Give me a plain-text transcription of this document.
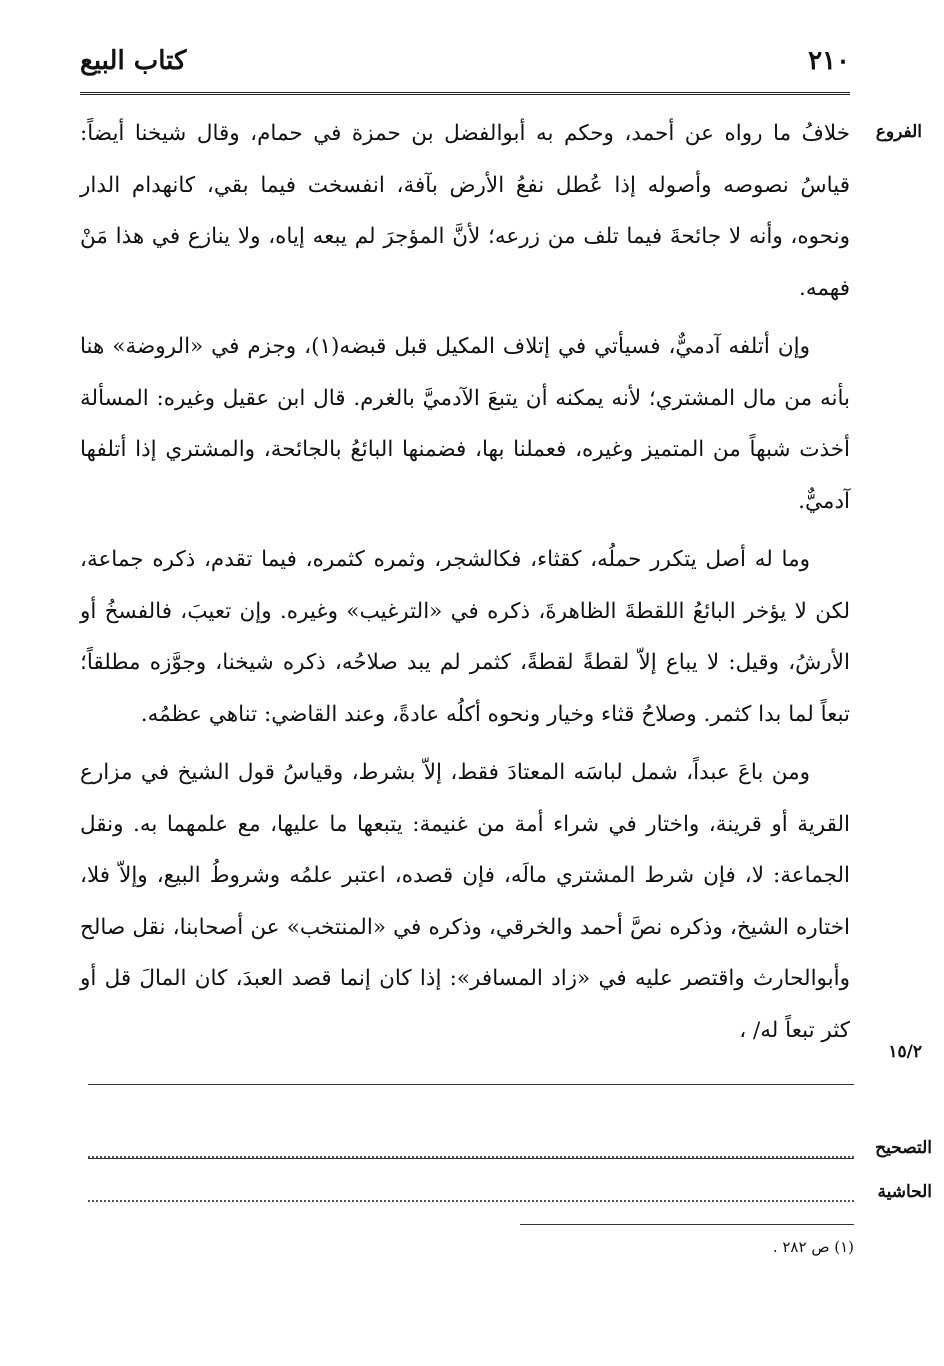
كتاب البيع	٢١٠
الفروع

خلافُ ما رواه عن أحمد، وحكم به أبوالفضل بن حمزة في حمام، وقال شيخنا أيضاً: قياسُ نصوصه وأصوله إذا عُطل نفعُ الأرض بآفة، انفسخت فيما بقي، كانهدام الدار ونحوه، وأنه لا جائحةَ فيما تلف من زرعه؛ لأنَّ المؤجرَ لم يبعه إياه، ولا ينازع في هذا مَنْ فهمه.

وإن أتلفه آدميٌّ، فسيأتي في إتلاف المكيل قبل قبضه(١)، وجزم في «الروضة» هنا بأنه من مال المشتري؛ لأنه يمكنه أن يتبعَ الآدميَّ بالغرم. قال ابن عقيل وغيره: المسألة أخذت شبهاً من المتميز وغيره، فعملنا بها، فضمنها البائعُ بالجائحة، والمشتري إذا أتلفها آدميٌّ.

وما له أصل يتكرر حملُه، كقثاء، فكالشجر، وثمره كثمره، فيما تقدم، ذكره جماعة، لكن لا يؤخر البائعُ اللقطةَ الظاهرةَ، ذكره في «الترغيب» وغيره. وإن تعيبَ، فالفسخُ أو الأرشُ، وقيل: لا يباع إلاّ لقطةً لقطةً، كثمر لم يبد صلاحُه، ذكره شيخنا، وجوَّزه مطلقاً؛ تبعاً لما بدا كثمر. وصلاحُ قثاء وخيار ونحوه أكلُه عادةً، وعند القاضي: تناهي عظمُه.

ومن باعَ عبداً، شمل لباسَه المعتادَ فقط، إلاّ بشرط، وقياسُ قول الشيخ في مزارع القرية أو قرينة، واختار في شراء أمة من غنيمة: يتبعها ما عليها، مع علمهما به. ونقل الجماعة: لا، فإن شرط المشتري مالَه، فإن قصده، اعتبر علمُه وشروطُ البيع، وإلاّ فلا، اختاره الشيخ، وذكره نصَّ أحمد والخرقي، وذكره في «المنتخب» عن أصحابنا، نقل صالح وأبوالحارث واقتصر عليه في «زاد المسافر»: إذا كان إنما قصد العبدَ، كان المالَ قل أو كثر تبعاً له/ ،

١٥/٢
التصحيح
الحاشية
(١) ص ٢٨٢ .
